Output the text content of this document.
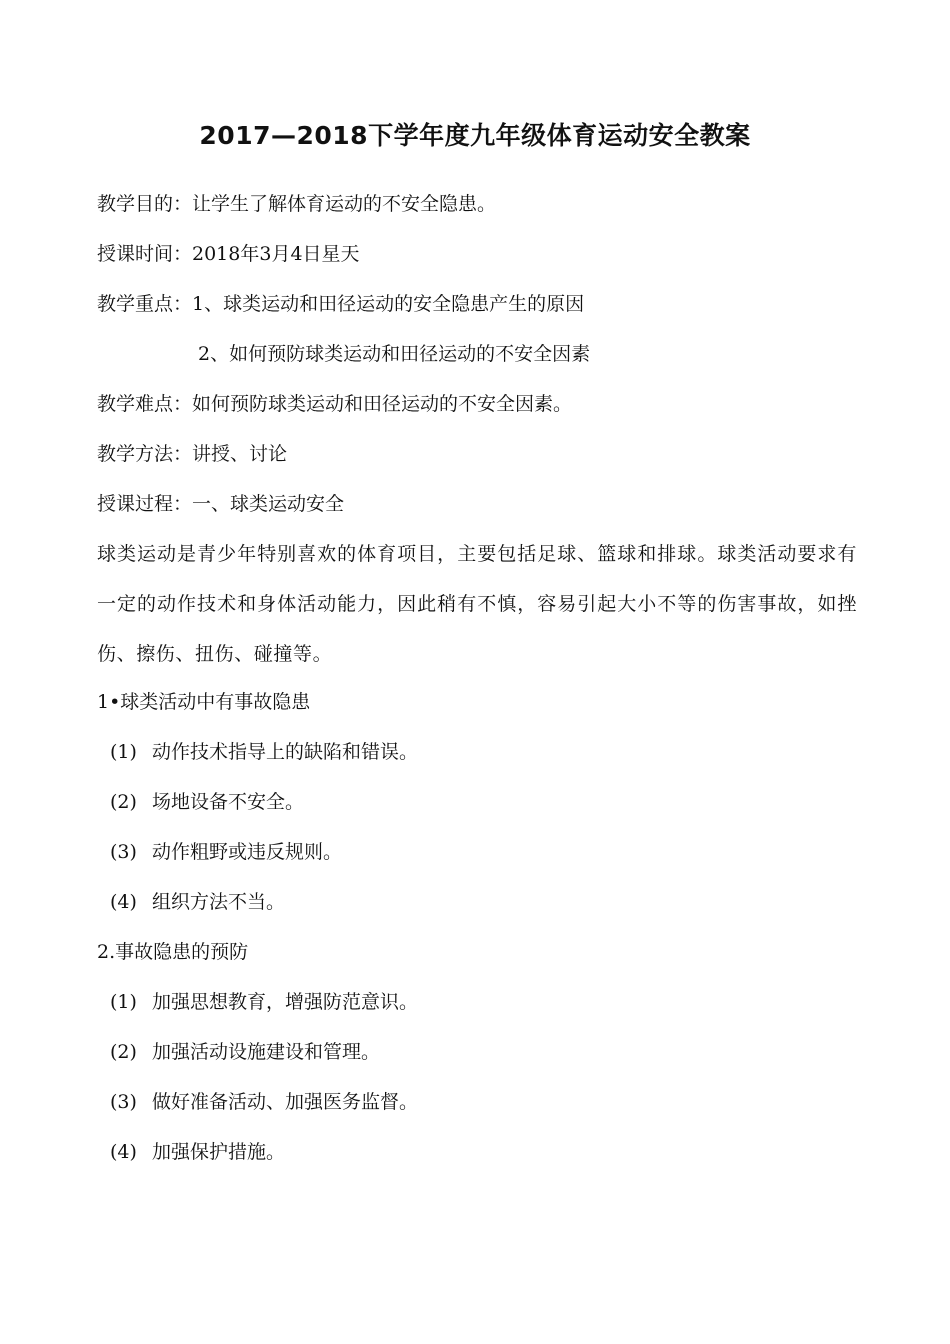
2017—2018下学年度九年级体育运动安全教案

教学目的：让学生了解体育运动的不安全隐患。

授课时间：2018年3月4日星天

教学重点：1、球类运动和田径运动的安全隐患产生的原因

2、如何预防球类运动和田径运动的不安全因素

教学难点：如何预防球类运动和田径运动的不安全因素。

教学方法：讲授、讨论

授课过程：一、球类运动安全

球类运动是青少年特别喜欢的体育项目，主要包括足球、篮球和排球。球类活动要求有一定的动作技术和身体活动能力，因此稍有不慎，容易引起大小不等的伤害事故，如挫伤、擦伤、扭伤、碰撞等。

1•球类活动中有事故隐患

(1) 动作技术指导上的缺陷和错误。

(2) 场地设备不安全。

(3) 动作粗野或违反规则。

(4) 组织方法不当。

2.事故隐患的预防

(1) 加强思想教育，增强防范意识。

(2) 加强活动设施建设和管理。

(3) 做好准备活动、加强医务监督。

(4) 加强保护措施。
